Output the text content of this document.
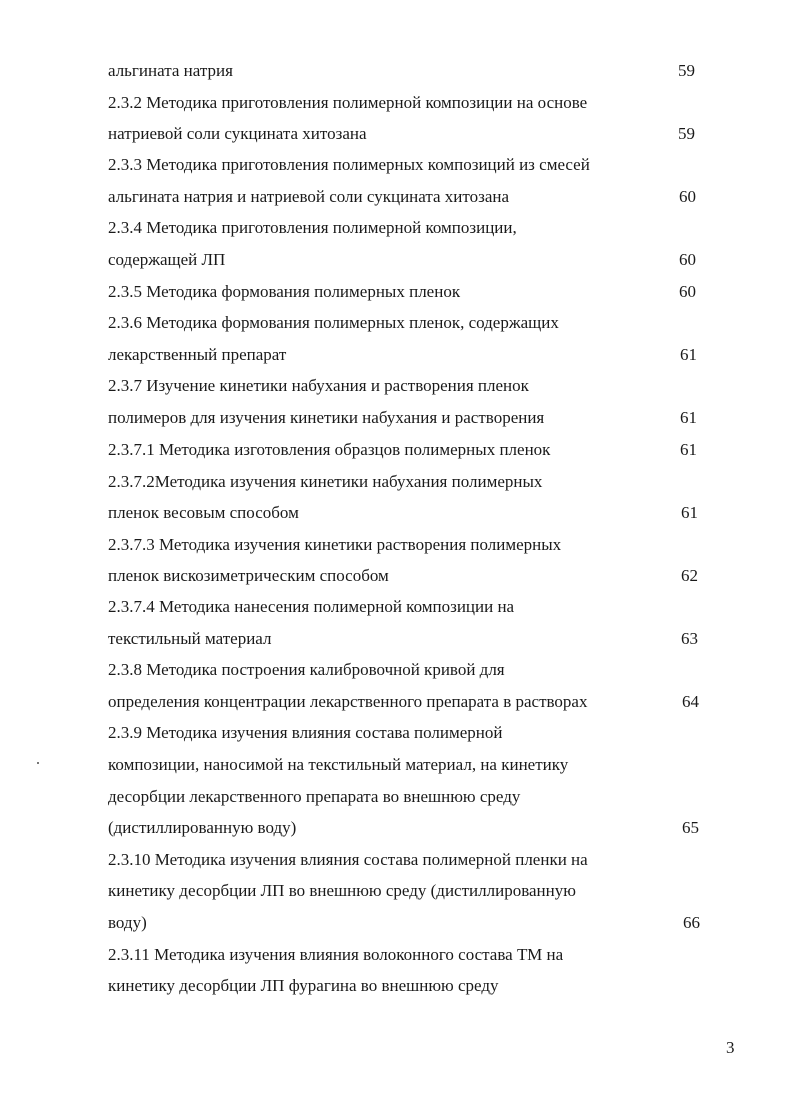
альгината натрия	59
2.3.2 Методика приготовления полимерной композиции на основе
натриевой соли сукцината хитозана	59
2.3.3 Методика приготовления полимерных композиций из смесей
альгината натрия и натриевой соли сукцината хитозана	60
2.3.4 Методика приготовления полимерной композиции,
содержащей ЛП	60
2.3.5 Методика формования полимерных пленок	60
2.3.6 Методика формования полимерных пленок, содержащих
лекарственный препарат	61
2.3.7 Изучение кинетики набухания и растворения пленок
полимеров для изучения кинетики набухания и растворения	61
2.3.7.1 Методика изготовления образцов полимерных пленок	61
2.3.7.2Методика изучения кинетики набухания полимерных
пленок весовым способом	61
2.3.7.3 Методика изучения кинетики растворения полимерных
пленок вискозиметрическим способом	62
2.3.7.4 Методика нанесения полимерной композиции на
текстильный материал	63
2.3.8 Методика построения калибровочной кривой для
определения концентрации лекарственного препарата в растворах	64
2.3.9 Методика изучения влияния состава полимерной
композиции, наносимой на текстильный материал, на кинетику
десорбции лекарственного препарата во внешнюю среду
(дистиллированную воду)	65
2.3.10 Методика изучения влияния состава полимерной пленки на
кинетику десорбции ЛП во внешнюю среду (дистиллированную
воду)	66
2.3.11 Методика изучения влияния волоконного состава ТМ на
кинетику десорбции ЛП фурагина во внешнюю среду
3
